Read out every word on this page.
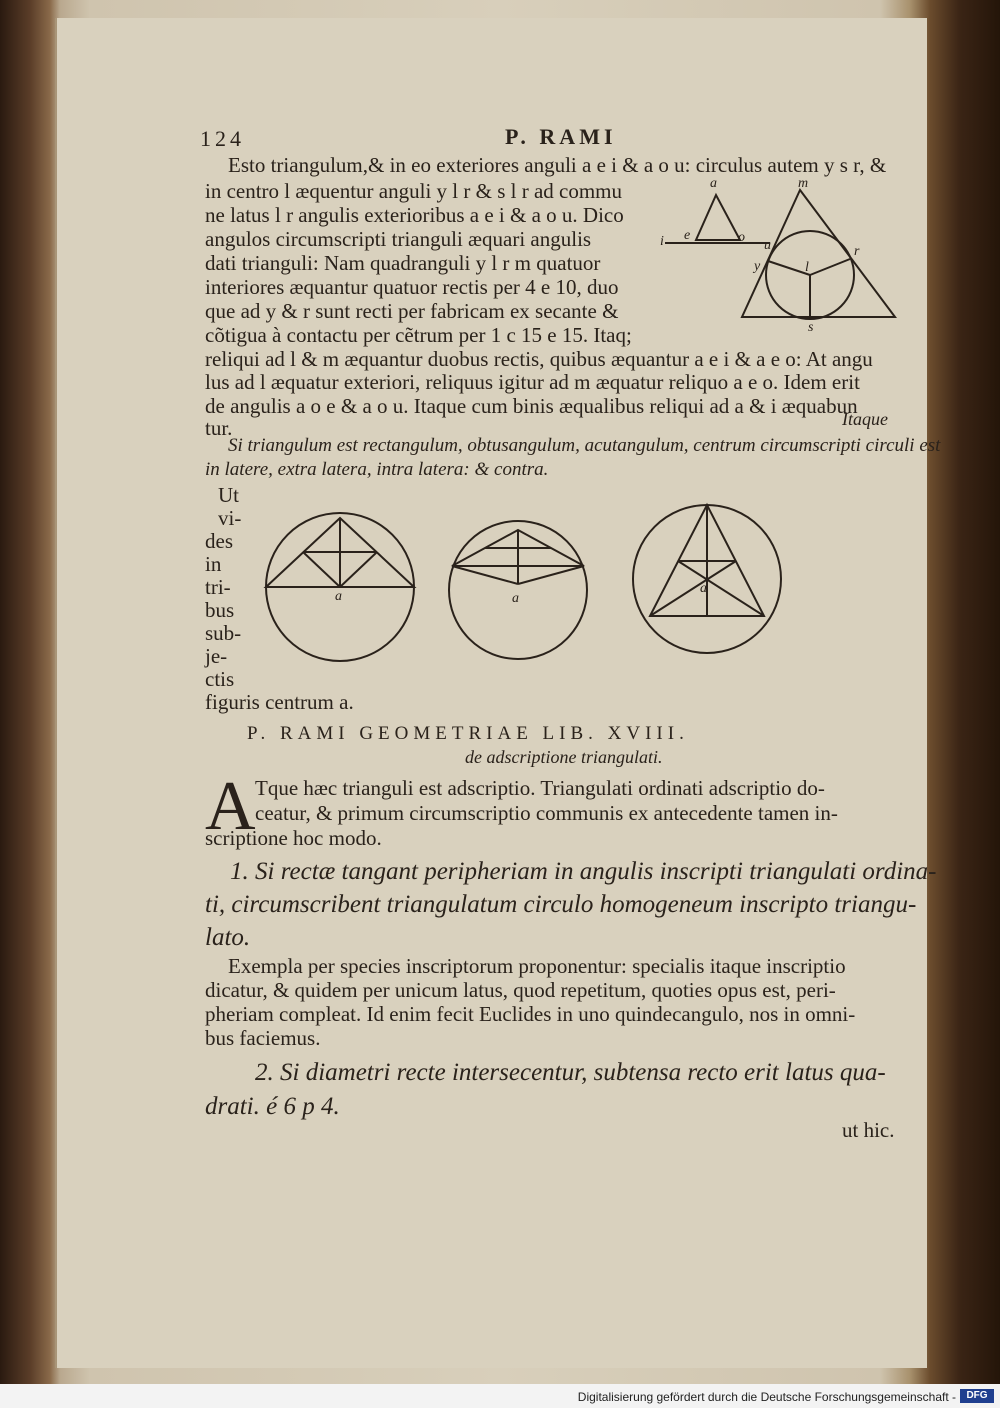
124	P. RAMI
Esto triangulum,& in eo exteriores anguli a e i & a o u: circulus autem y s r, &
in centro l æquentur anguli y l r & s l r ad commu
ne latus l r angulis exterioribus a e i & a o u. Dico
angulos circumscripti trianguli æquari angulis
dati trianguli: Nam quadranguli y l r m quatuor
interiores æquantur quatuor rectis per 4 e 10, duo
que ad y & r sunt recti per fabricam ex secante &
cõtigua à contactu per cẽtrum per 1 c 15 e 15. Itaq;
reliqui ad l & m æquantur duobus rectis, quibus æquantur a e i & a e o: At angu
lus ad l æquatur exteriori, reliquus igitur ad m æquatur reliquo a e o. Idem erit
de angulis a o e & a o u. Itaque cum binis æqualibus reliqui ad a & i æquabun
tur.	Itaque
a	m
i e	o
u
y	l
r
s
Si triangulum est rectangulum, obtusangulum, acutangulum, centrum circumscripti circuli est
in latere, extra latera, intra latera: & contra.
Ut
vi-
des
in
tri-
bus
sub-
je-
ctis
figuris centrum a.
a	a
a
P. RAMI GEOMETRIAE LIB. XVIII.
de adscriptione triangulati.
A Tque hæc trianguli est adscriptio. Triangulati ordinati adscriptio do-
ceatur, & primum circumscriptio communis ex antecedente tamen in-
scriptione hoc modo.
1. Si rectæ tangant peripheriam in angulis inscripti triangulati ordina-
ti, circumscribent triangulatum circulo homogeneum inscripto triangu-
lato.
Exempla per species inscriptorum proponentur: specialis itaque inscriptio
dicatur, & quidem per unicum latus, quod repetitum, quoties opus est, peri-
pheriam compleat. Id enim fecit Euclides in uno quindecangulo, nos in omni-
bus faciemus.
2. Si diametri recte intersecentur, subtensa recto erit latus qua-
drati. é 6 p 4.
ut hic.
Digitalisierung gefördert durch die Deutsche Forschungsgemeinschaft -	DFG
